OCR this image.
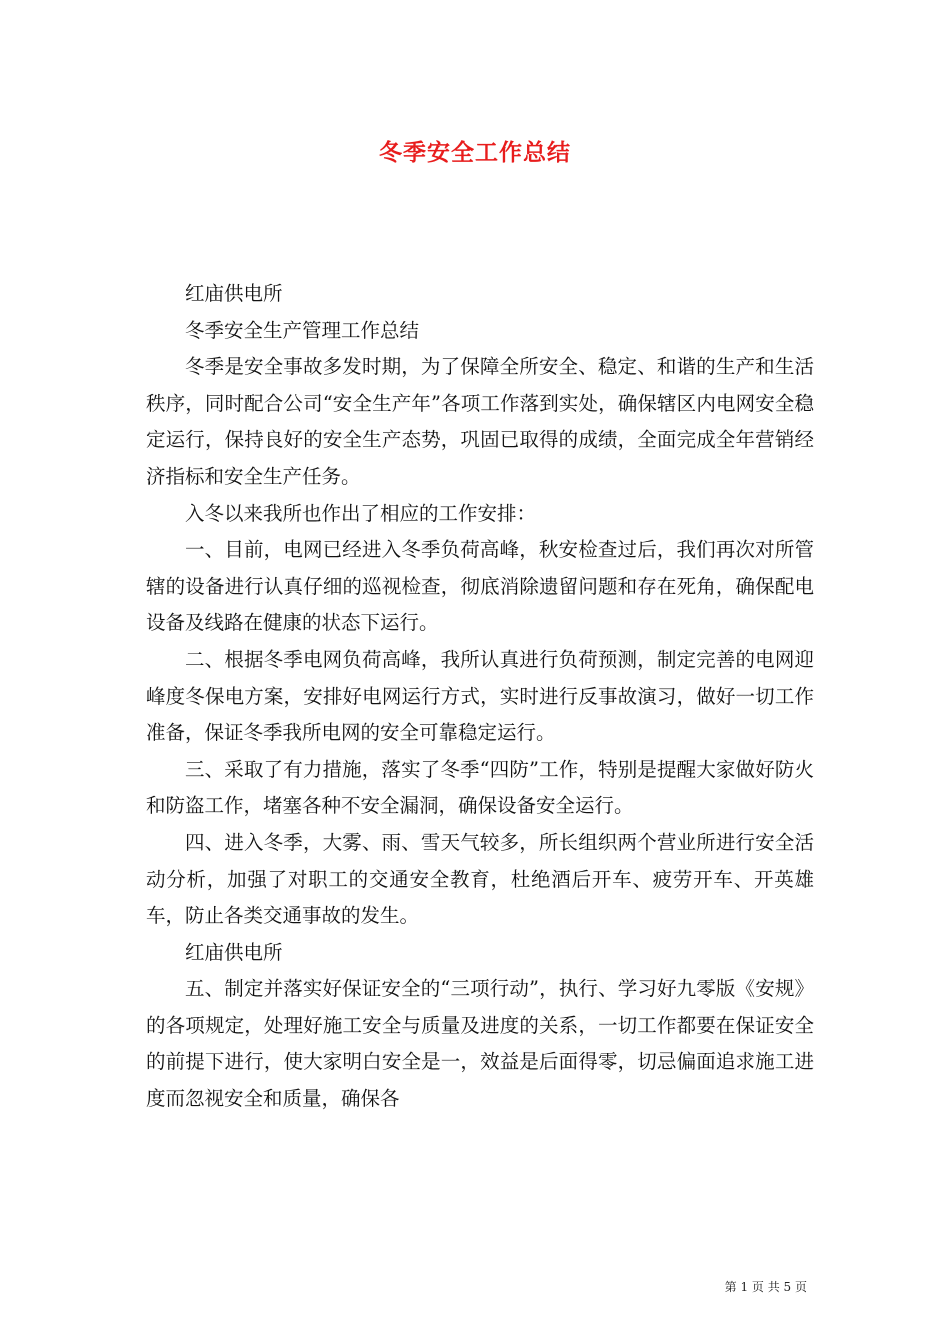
冬季安全工作总结

红庙供电所

冬季安全生产管理工作总结

冬季是安全事故多发时期，为了保障全所安全、稳定、和谐的生产和生活秩序，同时配合公司“安全生产年”各项工作落到实处，确保辖区内电网安全稳定运行，保持良好的安全生产态势，巩固已取得的成绩，全面完成全年营销经济指标和安全生产任务。

入冬以来我所也作出了相应的工作安排：

一、目前，电网已经进入冬季负荷高峰，秋安检查过后，我们再次对所管辖的设备进行认真仔细的巡视检查，彻底消除遗留问题和存在死角，确保配电设备及线路在健康的状态下运行。

二、根据冬季电网负荷高峰，我所认真进行负荷预测，制定完善的电网迎峰度冬保电方案，安排好电网运行方式，实时进行反事故演习，做好一切工作准备，保证冬季我所电网的安全可靠稳定运行。

三、采取了有力措施，落实了冬季“四防”工作，特别是提醒大家做好防火和防盗工作，堵塞各种不安全漏洞，确保设备安全运行。

四、进入冬季，大雾、雨、雪天气较多，所长组织两个营业所进行安全活动分析，加强了对职工的交通安全教育，杜绝酒后开车、疲劳开车、开英雄车，防止各类交通事故的发生。

红庙供电所

五、制定并落实好保证安全的“三项行动”，执行、学习好九零版《安规》的各项规定，处理好施工安全与质量及进度的关系，一切工作都要在保证安全的前提下进行，使大家明白安全是一，效益是后面得零，切忌偏面追求施工进度而忽视安全和质量，确保各

第 1 页 共 5 页
